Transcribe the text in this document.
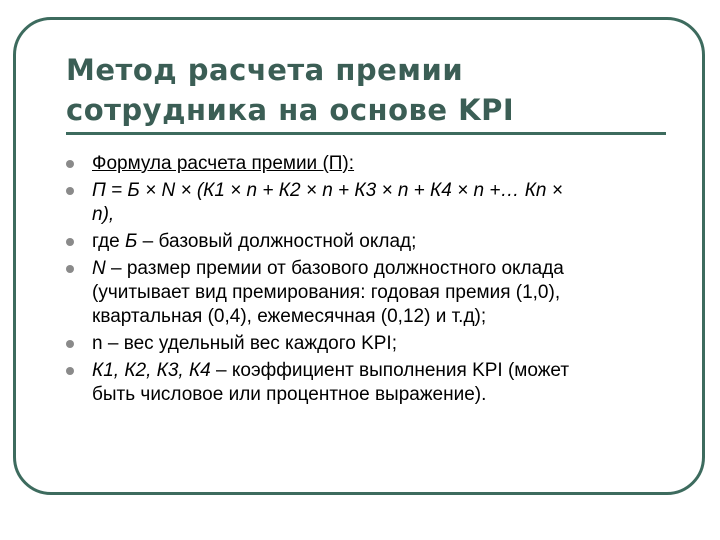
Метод расчета премии
сотрудника на основе KPI
Формула расчета премии (П):
П = Б × N × (К1 × n + К2 × n + К3 × n + К4 × n +… Кn ×
n),
где Б – базовый должностной оклад;
N – размер премии от базового должностного оклада
(учитывает вид премирования: годовая премия (1,0),
квартальная (0,4), ежемесячная (0,12) и т.д);
n – вес удельный вес каждого KPI;
К1, К2, К3, К4 – коэффициент выполнения KPI (может
быть числовое или процентное выражение).
